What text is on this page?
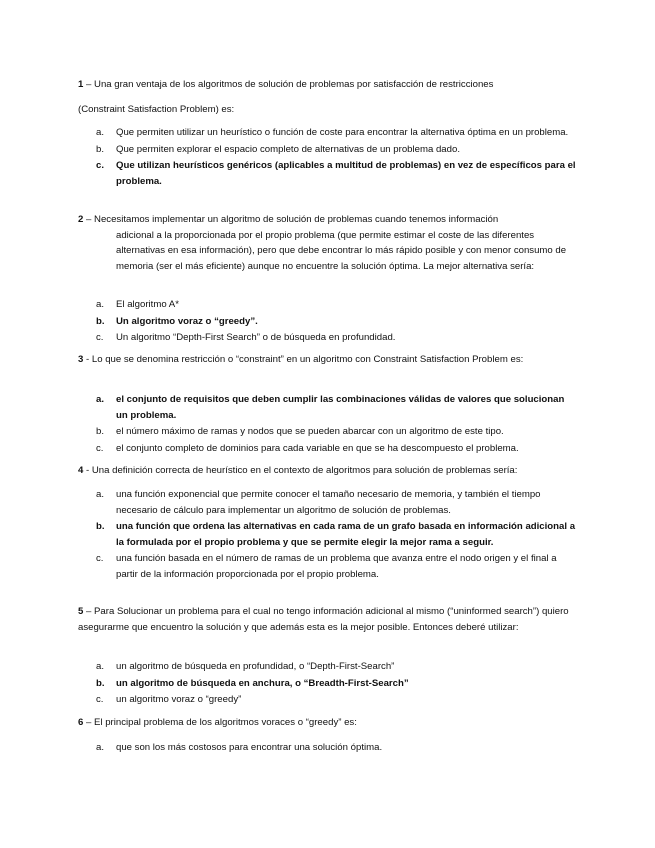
1 – Una gran ventaja de los algoritmos de solución de problemas por satisfacción de restricciones

(Constraint Satisfaction Problem) es:

a. Que permiten utilizar un heurístico o función de coste para encontrar la alternativa óptima en un problema.
b. Que permiten explorar el espacio completo de alternativas de un problema dado.
c. Que utilizan heurísticos genéricos (aplicables a multitud de problemas) en vez de específicos para el problema.

2 – Necesitamos implementar un algoritmo de solución de problemas cuando tenemos información
adicional a la proporcionada por el propio problema (que permite estimar el coste de las diferentes alternativas en esa información), pero que debe encontrar lo más rápido posible y con menor consumo de memoria (ser el más eficiente) aunque no encuentre la solución óptima. La mejor alternativa sería:

a. El algoritmo A*
b. Un algoritmo voraz o “greedy”.
c. Un algoritmo “Depth-First Search” o de búsqueda en profundidad.

3 - Lo que se denomina restricción o “constraint” en un algoritmo con Constraint Satisfaction Problem es:

a. el conjunto de requisitos que deben cumplir las combinaciones válidas de valores que solucionan un problema.
b. el número máximo de ramas y nodos que se pueden abarcar con un algoritmo de este tipo.
c. el conjunto completo de dominios para cada variable en que se ha descompuesto el problema.

4 - Una definición correcta de heurístico en el contexto de algoritmos para solución de problemas sería:

a. una función exponencial que permite conocer el tamaño necesario de memoria, y también el tiempo necesario de cálculo para implementar un algoritmo de solución de problemas.
b. una función que ordena las alternativas en cada rama de un grafo basada en información adicional a la formulada por el propio problema y que se permite elegir la mejor rama a seguir.
c. una función basada en el número de ramas de un problema que avanza entre el nodo origen y el final a partir de la información proporcionada por el propio problema.

5 – Para Solucionar un problema para el cual no tengo información adicional al mismo (“uninformed search”) quiero asegurarme que encuentro la solución y que además esta es la mejor posible. Entonces deberé utilizar:

a. un algoritmo de búsqueda en profundidad, o “Depth-First-Search”
b. un algoritmo de búsqueda en anchura, o “Breadth-First-Search”
c. un algoritmo voraz o “greedy”

6 – El principal problema de los algoritmos voraces o “greedy” es:

a. que son los más costosos para encontrar una solución óptima.
